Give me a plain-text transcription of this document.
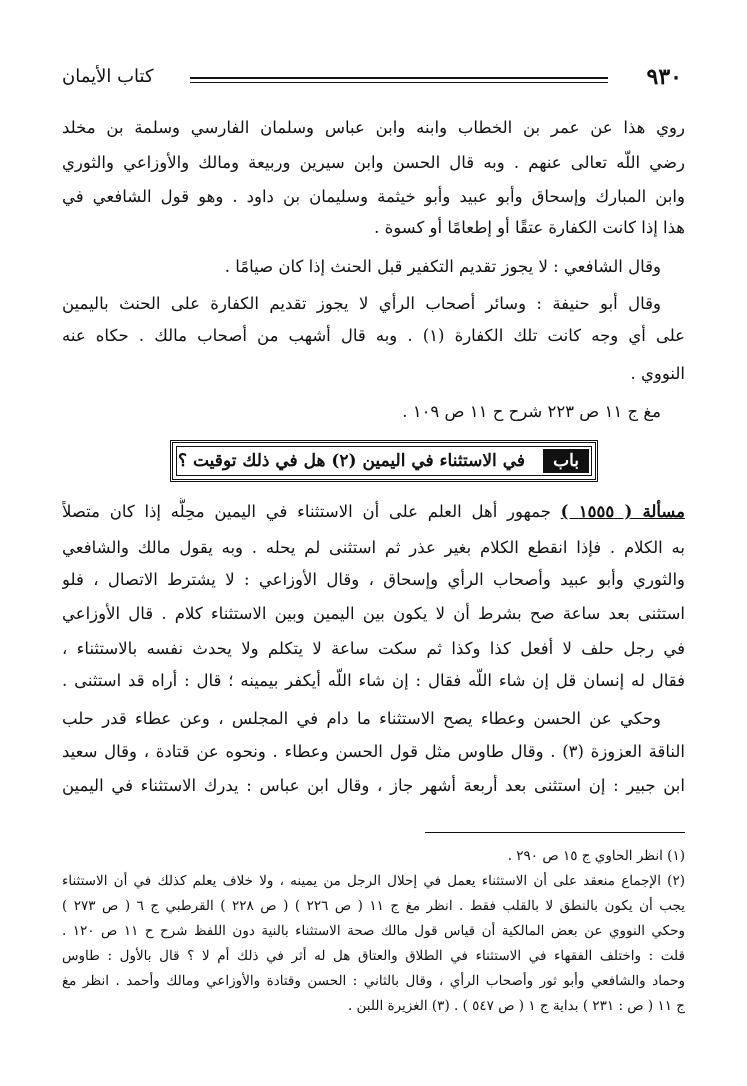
٩٣٠
كتاب الأيمان
روي هذا عن عمر بن الخطاب وابنه وابن عباس وسلمان الفارسي وسلمة بن مخلد
رضي اللّه تعالى عنهم . وبه قال الحسن وابن سيرين وربيعة ومالك والأوزاعي والثوري
وابن المبارك وإسحاق وأبو عبيد وأبو خيثمة وسليمان بن داود . وهو قول الشافعي في
هذا إذا كانت الكفارة عتقًا أو إطعامًا أو كسوة .
وقال الشافعي : لا يجوز تقديم التكفير قبل الحنث إذا كان صيامًا .
وقال أبو حنيفة : وسائر أصحاب الرأي لا يجوز تقديم الكفارة على الحنث باليمين
على أي وجه كانت تلك الكفارة (١) . وبه قال أشهب من أصحاب مالك . حكاه عنه
النووي .
مغ ج ١١ ص ٢٢٣ شرح ح ١١ ص ١٠٩ .
باب
في الاستثناء في اليمين (٢) هل في ذلك توقيت ؟
مسألة ( ١٥٥٥ ) جمهور أهل العلم على أن الاستثناء في اليمين محِلُّه إذا كان متصلاً
به الكلام . فإذا انقطع الكلام بغير عذر ثم استثنى لم يحله . وبه يقول مالك والشافعي
والثوري وأبو عبيد وأصحاب الرأي وإسحاق ، وقال الأوزاعي : لا يشترط الاتصال ، فلو
استثنى بعد ساعة صح بشرط أن لا يكون بين اليمين وبين الاستثناء كلام . قال الأوزاعي
في رجل حلف لا أفعل كذا وكذا ثم سكت ساعة لا يتكلم ولا يحدث نفسه بالاستثناء ،
فقال له إنسان قل إن شاء اللّه فقال : إن شاء اللّه أيكفر بيمينه ؛ قال : أراه قد استثنى .
وحكي عن الحسن وعطاء يصح الاستثناء ما دام في المجلس ، وعن عطاء قدر حلب
الناقة العزوزة (٣) . وقال طاوس مثل قول الحسن وعطاء . ونحوه عن قتادة ، وقال سعيد
ابن جبير : إن استثنى بعد أربعة أشهر جاز ، وقال ابن عباس : يدرك الاستثناء في اليمين
(١) انظر الحاوي ج ١٥ ص ٢٩٠ .
(٢) الإجماع منعقد على أن الاستثناء يعمل في إحلال الرجل من يمينه ، ولا خلاف يعلم كذلك في أن الاستثناء
يجب أن يكون بالنطق لا بالقلب فقط . انظر مغ ج ١١ ( ص ٢٢٦ ) ( ص ٢٢٨ ) القرطبي ج ٦ ( ص ٢٧٣ )
وحكي النووي عن بعض المالكية أن قياس قول مالك صحة الاستثناء بالنية دون اللفظ شرح ح ١١ ص ١٢٠ .
قلت : واختلف الفقهاء في الاستثناء في الطلاق والعتاق هل له أثر في ذلك أم لا ؟ قال بالأول : طاوس
وحماد والشافعي وأبو ثور وأصحاب الرأي ، وقال بالثاني : الحسن وقتادة والأوزاعي ومالك وأحمد . انظر مغ
ج ١١ ( ص : ٢٣١ ) بداية ج ١ ( ص ٥٤٧ ) . (٣) الغزيرة اللبن .
